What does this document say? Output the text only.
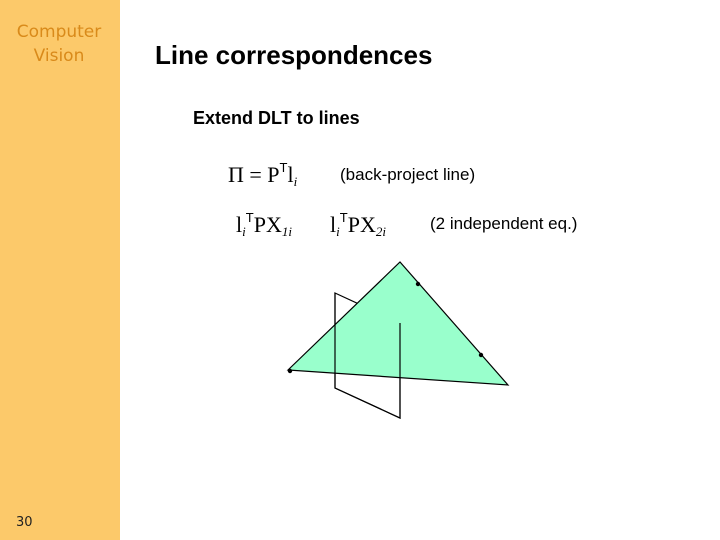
Computer
Vision
30
Line correspondences
Extend DLT to lines
$\Pi = P^Tl_i$	(back-project line)
$l_i^TPX_{1i}$ $l_i^TPX_{2i}$	(2 independent eq.)
